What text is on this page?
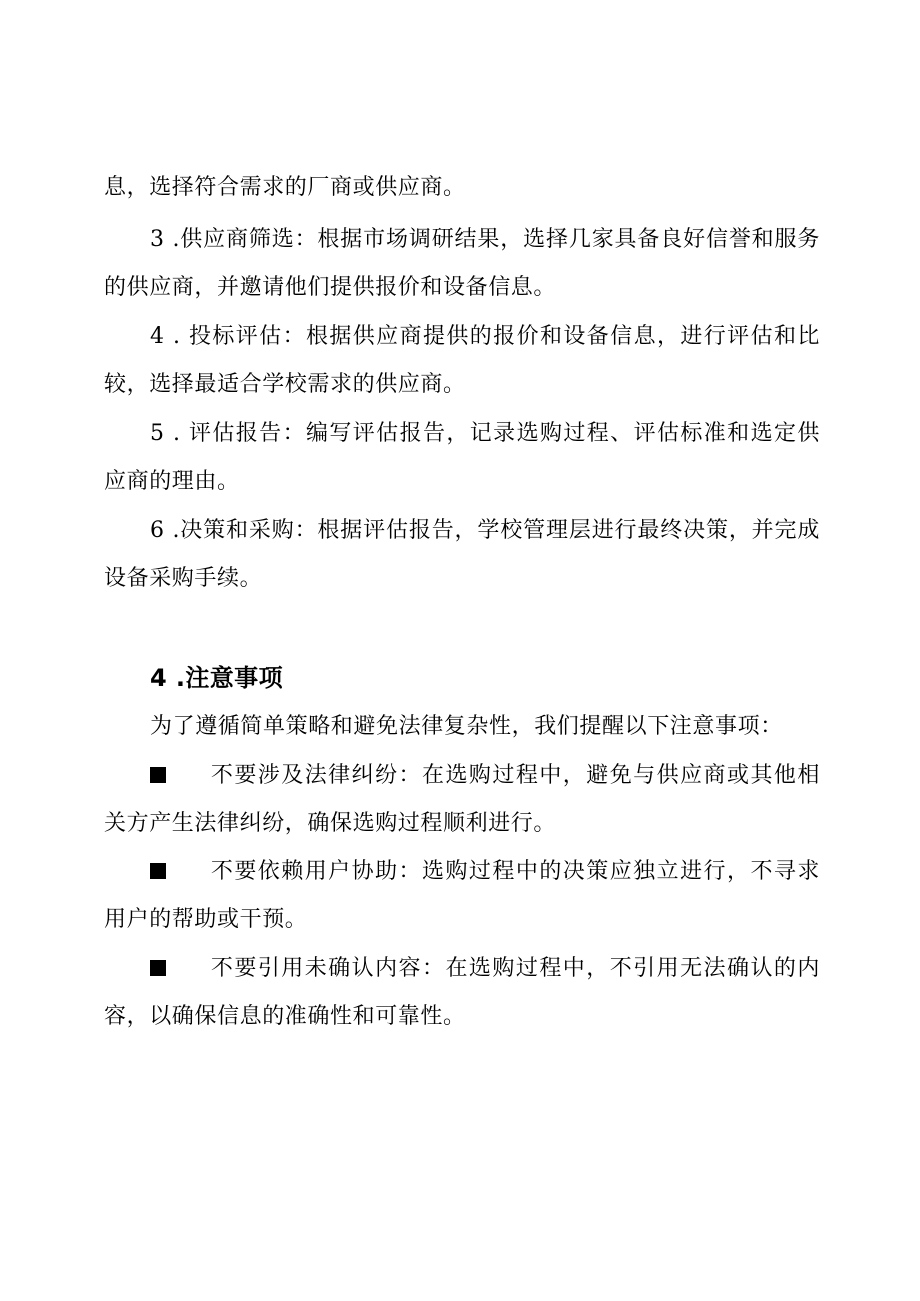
息，选择符合需求的厂商或供应商。

3 .供应商筛选：根据市场调研结果，选择几家具备良好信誉和服务的供应商，并邀请他们提供报价和设备信息。

4 . 投标评估：根据供应商提供的报价和设备信息，进行评估和比较，选择最适合学校需求的供应商。

5 . 评估报告：编写评估报告，记录选购过程、评估标准和选定供应商的理由。

6 .决策和采购：根据评估报告，学校管理层进行最终决策，并完成设备采购手续。

4 .注意事项

为了遵循简单策略和避免法律复杂性，我们提醒以下注意事项：

不要涉及法律纠纷：在选购过程中，避免与供应商或其他相关方产生法律纠纷，确保选购过程顺利进行。

不要依赖用户协助：选购过程中的决策应独立进行，不寻求用户的帮助或干预。

不要引用未确认内容：在选购过程中，不引用无法确认的内容，以确保信息的准确性和可靠性。
